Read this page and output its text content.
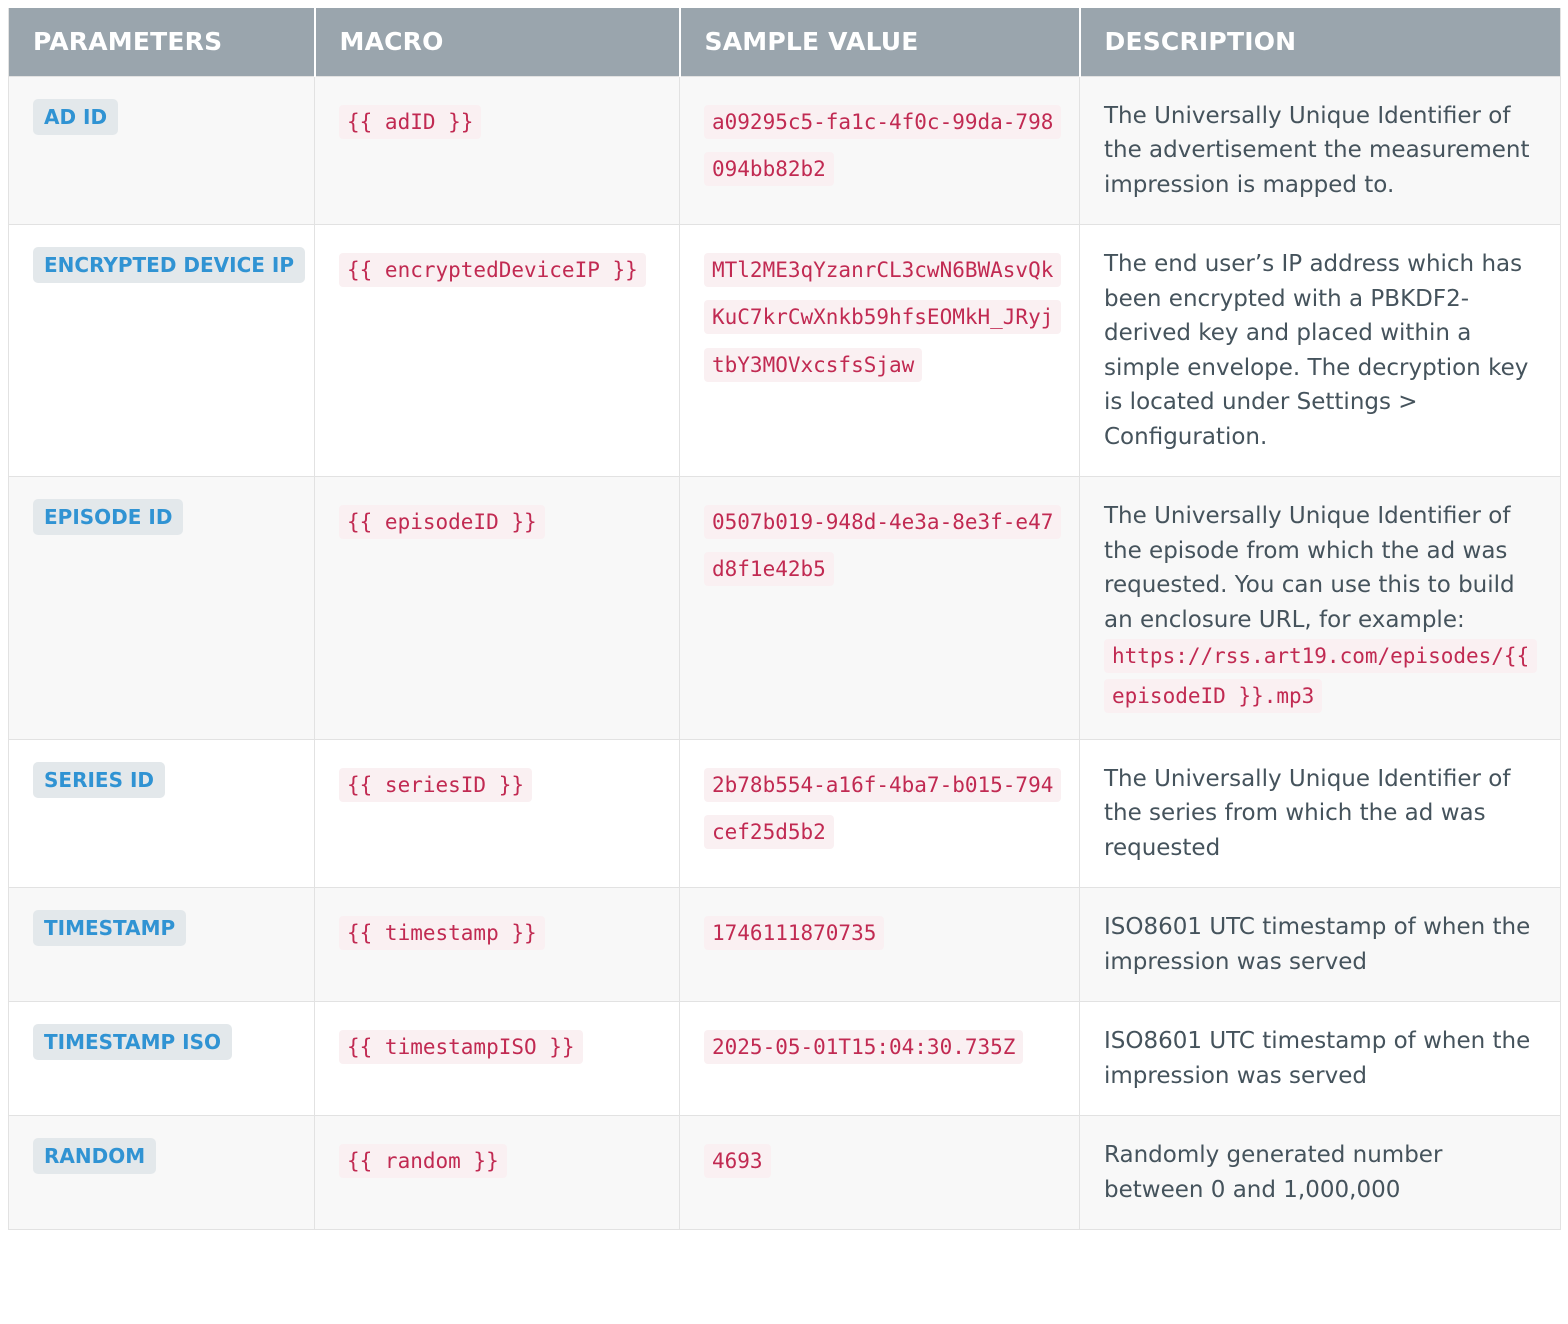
PARAMETERS	MACRO	SAMPLE VALUE	DESCRIPTION
AD ID	{{ adID }}	a09295c5-fa1c-4f0c-99da-798094bb82b2	The Universally Unique Identifier of the advertisement the measurement impression is mapped to.

ENCRYPTED DEVICE IP	{{ encryptedDeviceIP }}	MTl2ME3qYzanrCL3cwN6BWAsvQkKuC7krCwXnkb59hfsEOMkH_JRyjtbY3MOVxcsfsSjaw	The end user’s IP address which has been encrypted with a PBKDF2-derived key and placed within a simple envelope. The decryption key is located under Settings > Configuration.

EPISODE ID	{{ episodeID }}	0507b019-948d-4e3a-8e3f-e47d8f1e42b5	The Universally Unique Identifier of the episode from which the ad was requested. You can use this to build an enclosure URL, for example: https://rss.art19.com/episodes/{{ episodeID }}.mp3

SERIES ID	{{ seriesID }}	2b78b554-a16f-4ba7-b015-794cef25d5b2	The Universally Unique Identifier of the series from which the ad was requested

TIMESTAMP	{{ timestamp }}	1746111870735	ISO8601 UTC timestamp of when the impression was served

TIMESTAMP ISO	{{ timestampISO }}	2025-05-01T15:04:30.735Z	ISO8601 UTC timestamp of when the impression was served

RANDOM	{{ random }}	4693	Randomly generated number between 0 and 1,000,000
